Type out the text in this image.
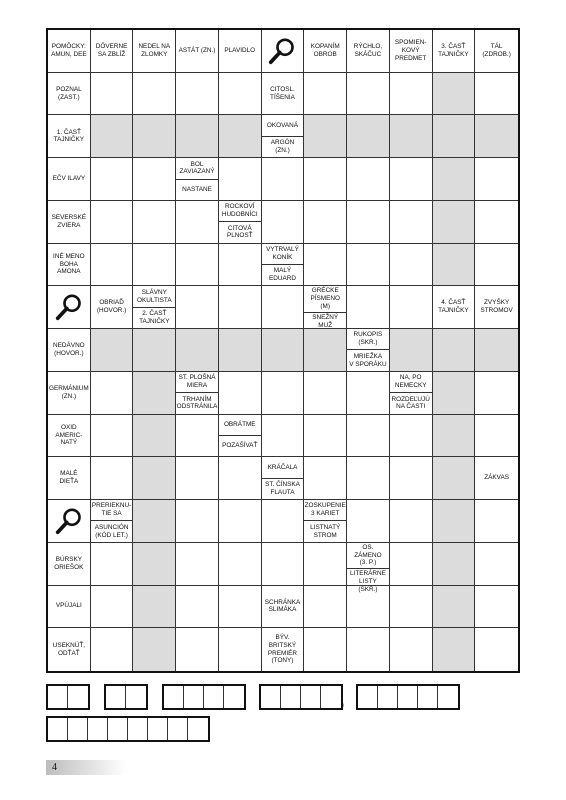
POMÔCKY:
AMUN, DEE
DÔVERNE
SA ZBLÍŽ
NEDEL NA
ZLOMKY
ASTÁT (ZN.)	PLAVIDLO
KOPANÍM
OBROB
RÝCHLO,
SKÁČUC
SPOMIEN-
KOVÝ
PREDMET
3. ČASŤ
TAJNIČKY
TÁL
(ZDROB.)
POZNAL
(ZAST.)
CITOSL.
TÍŠENIA
1. ČASŤ
TAJNIČKY
OKOVANÁ
ARGÓN (ZN.)
EČV ILAVY
BOL
ZAVIAZANÝ
NASTANE
SEVERSKÉ
ZVIERA
ROCKOVÍ
HUDOBNÍCI
CITOVÁ
PLNOSŤ
INÉ MENO
BOHA
AMONA
VYTRVALÝ
KONÍK
MALÝ
EDUARD
OBRIAĎ
(HOVOR.)
SLÁVNY
OKULTISTA
2. ČASŤ
TAJNIČKY
GRÉCKE
PÍSMENO (M)
SNEŽNÝ
MUŽ
4. ČASŤ
TAJNIČKY
ZVYŠKY
STROMOV
NEDÁVNO
(HOVOR.)
RUKOPIS
(SKR.)
MRIEŽKA
V SPORÁKU
GERMÁNIUM
(ZN.)
ST. PLOŠNÁ
MIERA
TRHANÍM
ODSTRÁNILA
NA, PO
NEMECKY
ROZDEĽUJÚ
NA ČASTI
OXID
AMERIC-
NATÝ
OBRÁTME
POZAŠÍVAŤ
MALÉ DIEŤA
KRÁČALA
ST. ČÍNSKA
FLAUTA
ZÁKVAS
PRERIEKNU-
TIE SA
ASUNCIÓN
(KÓD LET.)
ZOSKUPENIE
3 KARIET
LISTNATÝ
STROM
BÚRSKY
ORIEŠOK
OS. ZÁMENO
(3. P.)
LITERÁRNE
LISTY (SKR.)
VPÚJALI
SCHRÁNKA
SLIMÁKA
USEKNÚŤ,
ODŤAŤ
BÝV.
BRITSKÝ
PREMIÉR
(TONY)
,
4
